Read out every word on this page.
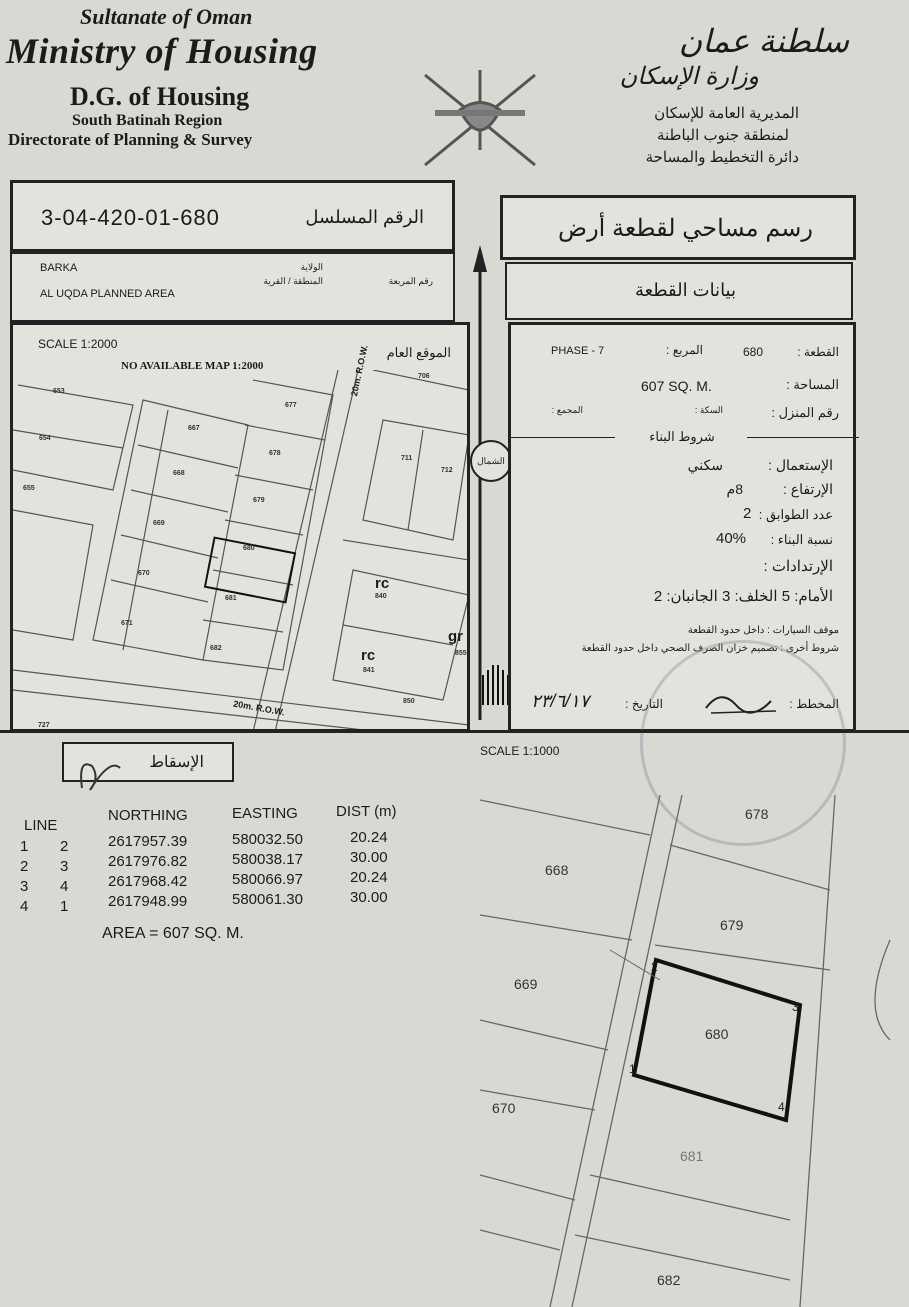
Sultanate of Oman
Ministry of Housing
D.G. of Housing
South Batinah Region
Directorate of Planning & Survey
سلطنة عمان
وزارة الإسكان
المديرية العامة للإسكان
لمنطقة جنوب الباطنة
دائرة التخطيط والمساحة
3-04-420-01-680	الرقم المسلسل
BARKA
AL UQDA PLANNED AREA
الولاية
المنطقة / القرية	رقم المربعة
رسم مساحي لقطعة أرض
بيانات القطعة
الشمال
SCALE 1:2000
الموقع العام
NO AVAILABLE MAP 1:2000
653
654
655
667
668
669
670
671
677
678
679
680
681
682
711
712
706
840
841
850
855
727
rc
rc
gr
20m. R.O.W.
20m. R.O.W.
القطعة :
680
المربع :
PHASE - 7
المساحة :
607 SQ. M.
رقم المنزل :
السكة :
المجمع :
شروط البناء
الإستعمال :
سكني
الإرتفاع :
8م
عدد الطوابق :
2
نسبة البناء :
40%
الإرتدادات :
الأمام: 5 الخلف: 3 الجانبان: 2
موقف السيارات : داخل حدود القطعة
شروط أخرى : تصميم خزان الصرف الصحي داخل حدود القطعة
المخطط :
التاريخ :
٢٣/٦/١٧
الإسقاط
SCALE 1:1000
LINE
NORTHING	EASTING	DIST (m)
1 2	2617957.39	580032.50	20.24
2 3	2617976.82	580038.17	30.00
3 4	2617968.42	580066.97	20.24
4 1	2617948.99	580061.30	30.00
AREA = 607 SQ. M.
678
668
679
669
680
670
681
682
1
2
3
4
